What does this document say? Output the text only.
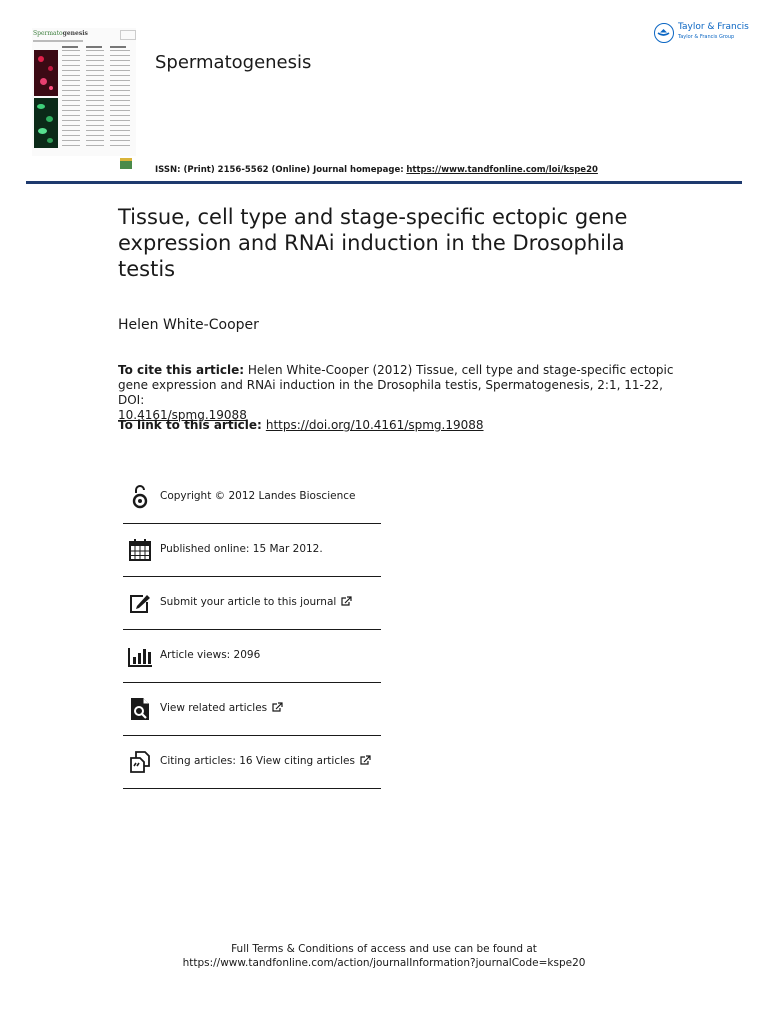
Spermatogenesis
Spermatogenesis
Taylor & Francis
Taylor & Francis Group
ISSN: (Print) 2156-5562 (Online) Journal homepage: https://www.tandfonline.com/loi/kspe20
Tissue, cell type and stage-specific ectopic gene expression and RNAi induction in the Drosophila testis
Helen White-Cooper
To cite this article: Helen White-Cooper (2012) Tissue, cell type and stage-specific ectopic gene expression and RNAi induction in the Drosophila testis, Spermatogenesis, 2:1, 11-22, DOI:
10.4161/spmg.19088
To link to this article: https://doi.org/10.4161/spmg.19088
Copyright © 2012 Landes Bioscience
Published online: 15 Mar 2012.
Submit your article to this journal
Article views: 2096
View related articles
Citing articles: 16 View citing articles
Full Terms & Conditions of access and use can be found at
https://www.tandfonline.com/action/journalInformation?journalCode=kspe20
